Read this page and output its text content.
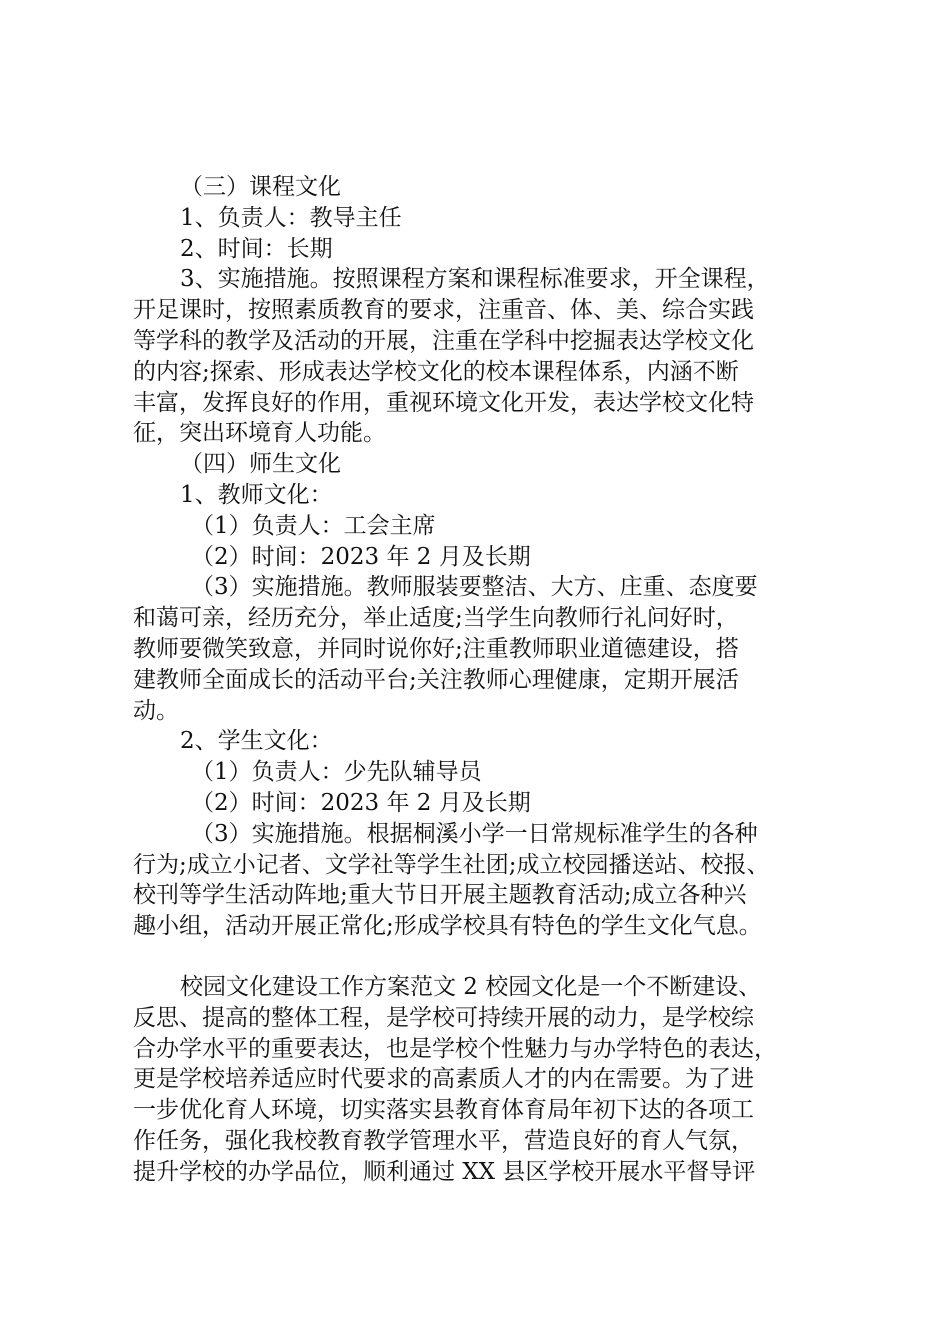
（三）课程文化

1、负责人：教导主任

2、时间：长期

3、实施措施。按照课程方案和课程标准要求，开全课程，

开足课时，按照素质教育的要求，注重音、体、美、综合实践

等学科的教学及活动的开展，注重在学科中挖掘表达学校文化

的内容;探索、形成表达学校文化的校本课程体系，内涵不断

丰富，发挥良好的作用，重视环境文化开发，表达学校文化特

征，突出环境育人功能。

（四）师生文化

1、教师文化：

（1）负责人：工会主席

（2）时间：2023 年 2 月及长期

（3）实施措施。教师服装要整洁、大方、庄重、态度要

和蔼可亲，经历充分，举止适度;当学生向教师行礼问好时，

教师要微笑致意，并同时说你好;注重教师职业道德建设，搭

建教师全面成长的活动平台;关注教师心理健康，定期开展活

动。

2、学生文化：

（1）负责人：少先队辅导员

（2）时间：2023 年 2 月及长期

（3）实施措施。根据桐溪小学一日常规标准学生的各种

行为;成立小记者、文学社等学生社团;成立校园播送站、校报、

校刊等学生活动阵地;重大节日开展主题教育活动;成立各种兴

趣小组，活动开展正常化;形成学校具有特色的学生文化气息。

校园文化建设工作方案范文 2 校园文化是一个不断建设、

反思、提高的整体工程，是学校可持续开展的动力，是学校综

合办学水平的重要表达，也是学校个性魅力与办学特色的表达，

更是学校培养适应时代要求的高素质人才的内在需要。为了进

一步优化育人环境，切实落实县教育体育局年初下达的各项工

作任务，强化我校教育教学管理水平，营造良好的育人气氛，

提升学校的办学品位，顺利通过 XX 县区学校开展水平督导评
